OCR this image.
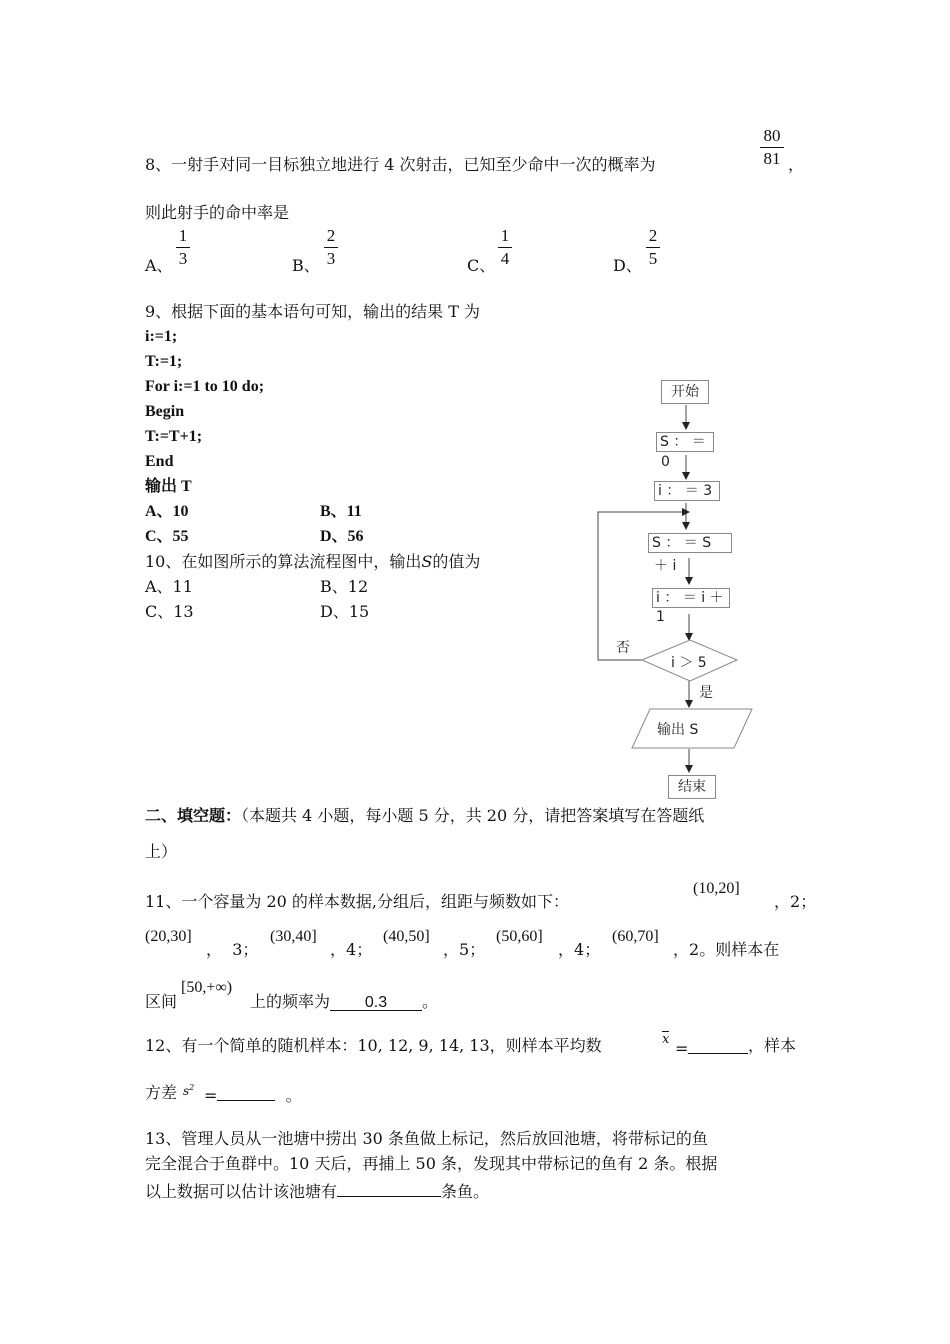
8、一射手对同一目标独立地进行 4 次射击，已知至少命中一次的概率为
80
81 ，
则此射手的命中率是
A、
1
3	B、
2
3	C、
1
4	D、
2
5
9、根据下面的基本语句可知，输出的结果 T 为
i:=1;
T:=1;
For i:=1 to 10 do;
Begin
T:=T+1;
End
输出 T
A、10	B、11
C、55	D、56
10、在如图所示的算法流程图中，输出S的值为
A、11	B、12
C、13	D、15
开始
S ： ＝
0
i ： ＝ 3
S ： ＝ S
＋ i
i ： ＝ i ＋
1
i ＞ 5
否
是
输出 S
结束
二、填空题：（本题共 4 小题，每小题 5 分，共 20 分，请把答案填写在答题纸
上）
11、一个容量为 20 的样本数据,分组后，组距与频数如下：
(10,20]
，2；
(20,30]
，  3；
(30,40]
，4；
(40,50]
，5；
(50,60]
，4；
(60,70]
，2。则样本在
区间
[50,+∞)
上的频率为 0.3 。
12、有一个简单的随机样本：10, 12, 9, 14, 13，则样本平均数	x =	，样本
方差 $s^2$ =	。
13、管理人员从一池塘中捞出 30 条鱼做上标记，然后放回池塘，将带标记的鱼
完全混合于鱼群中。10 天后，再捕上 50 条，发现其中带标记的鱼有 2 条。根据
以上数据可以估计该池塘有	条鱼。
